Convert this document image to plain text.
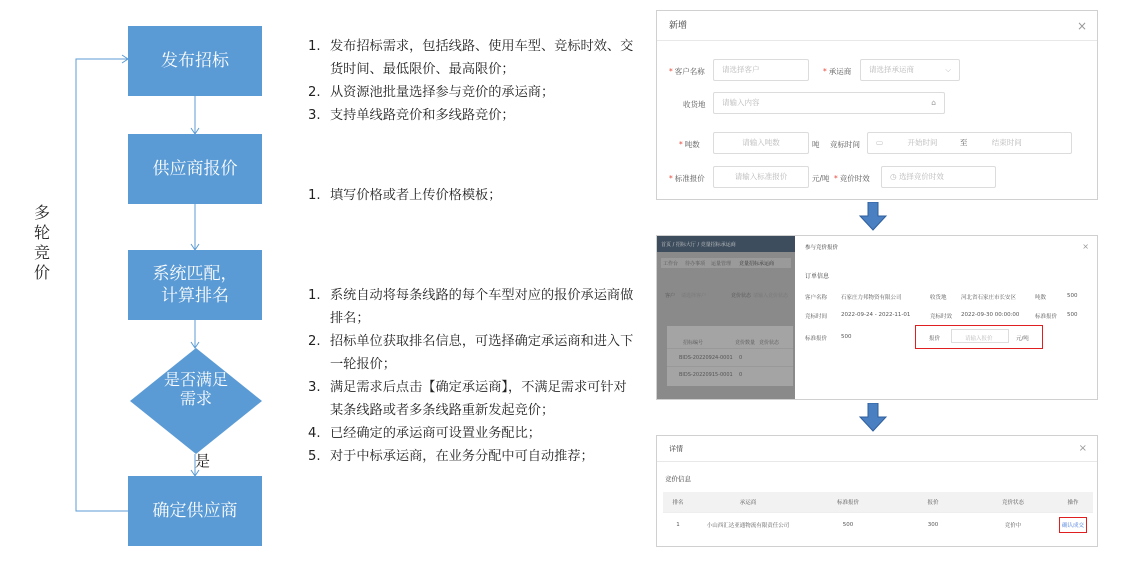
发布招标
供应商报价
系统匹配，计算排名
是否满足需求
是
确定供应商
多轮竞价
1. 发布招标需求，包括线路、使用车型、竞标时效、交货时间、最低限价、最高限价；
2. 从资源池批量选择参与竞价的承运商；
3. 支持单线路竞价和多线路竞价；
1. 填写价格或者上传价格模板；
1. 系统自动将每条线路的每个车型对应的报价承运商做排名；
2. 招标单位获取排名信息，可选择确定承运商和进入下一轮报价；
3. 满足需求后点击【确定承运商】，不满足需求可针对某条线路或者多条线路重新发起竞价；
4. 已经确定的承运商可设置业务配比；
5. 对于中标承运商，在业务分配中可自动推荐；
新增	×
* 客户名称	请选择客户	* 承运商	请选择承运商	⌵
收货地	请输入内容	⌂
* 吨数	请输入吨数	吨 竞标时间	▭	开始时间	至	结束时间
* 标准报价	请输入标准报价	元/吨 * 竞价时效	◷ 选择竞价时效
首页 / 招标大厅 / 竞量招标承运商
工作台 待办事项 运量管理 竞量招标承运商
客户 请选择客户	竞价状态 请输入竞价状态
招标编号	竞价数量 竞价状态
BIDS-20220924-0001 0
BIDS-20220915-0001 0
参与竞价报价	×
订单信息
客户名称	石家庄力邦物资有限公司	收货地	河北省石家庄市长安区	吨数	500
竞标时间	2022-09-24 - 2022-11-01	竞标时效 2022-09-30 00:00:00	标准报价 500
标准报价	500	报价	请输入报价	元/吨
详情	×
竞价信息
排名	承运商	标准报价	报价	竞价状态	操作
1	小山西汇达亚通物流有限责任公司	500	300	竞价中	确认成交
